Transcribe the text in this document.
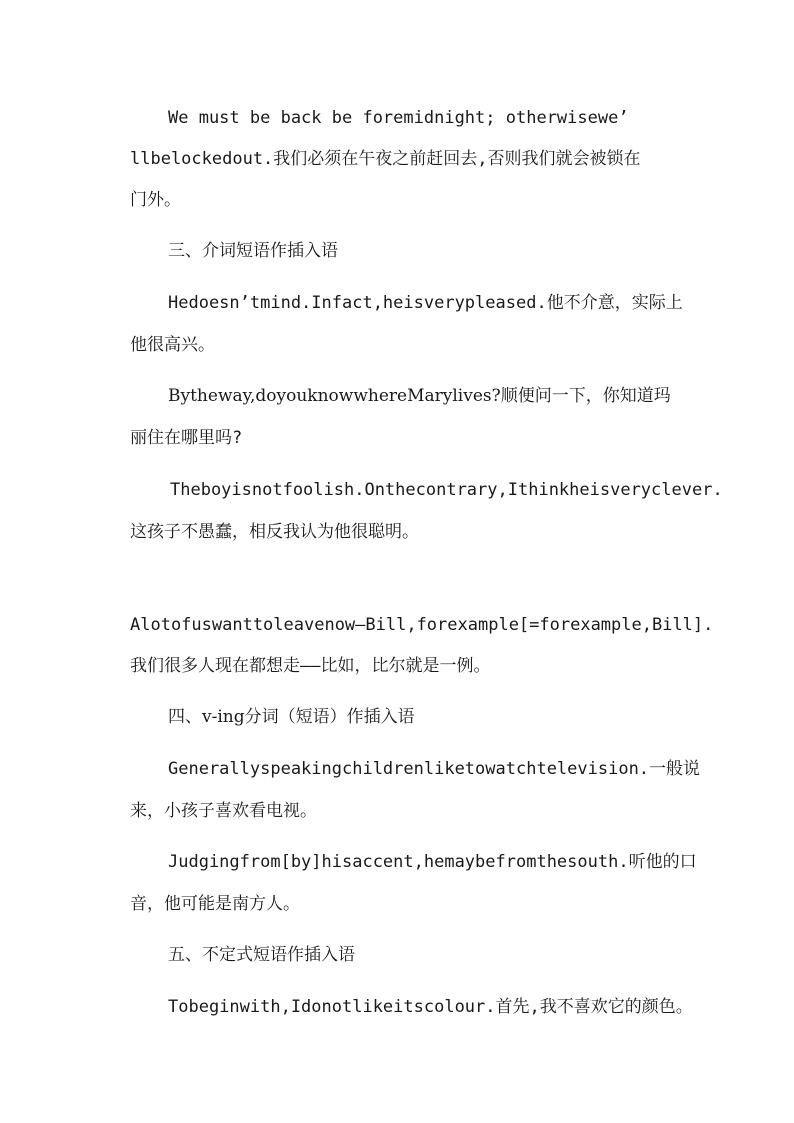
We must be back be foremidnight; otherwisewe’
llbelockedout.我们必须在午夜之前赶回去,否则我们就会被锁在
门外。
三、介词短语作插入语
Hedoesn’tmind.Infact,heisverypleased.他不介意，实际上
他很高兴。
Bytheway,doyouknowwhereMarylives?顺便问一下，你知道玛
丽住在哪里吗?
Theboyisnotfoolish.Onthecontrary,Ithinkheisveryclever.
这孩子不愚蠢，相反我认为他很聪明。
Alotofuswanttoleavenow—Bill,forexample[=forexample,Bill].
我们很多人现在都想走——比如，比尔就是一例。
四、v-ing分词（短语）作插入语
Generallyspeakingchildrenliketowatchtelevision.一般说
来，小孩子喜欢看电视。
Judgingfrom[by]hisaccent,hemaybefromthesouth.听他的口
音，他可能是南方人。
五、不定式短语作插入语
Tobeginwith,Idonotlikeitscolour.首先,我不喜欢它的颜色。
